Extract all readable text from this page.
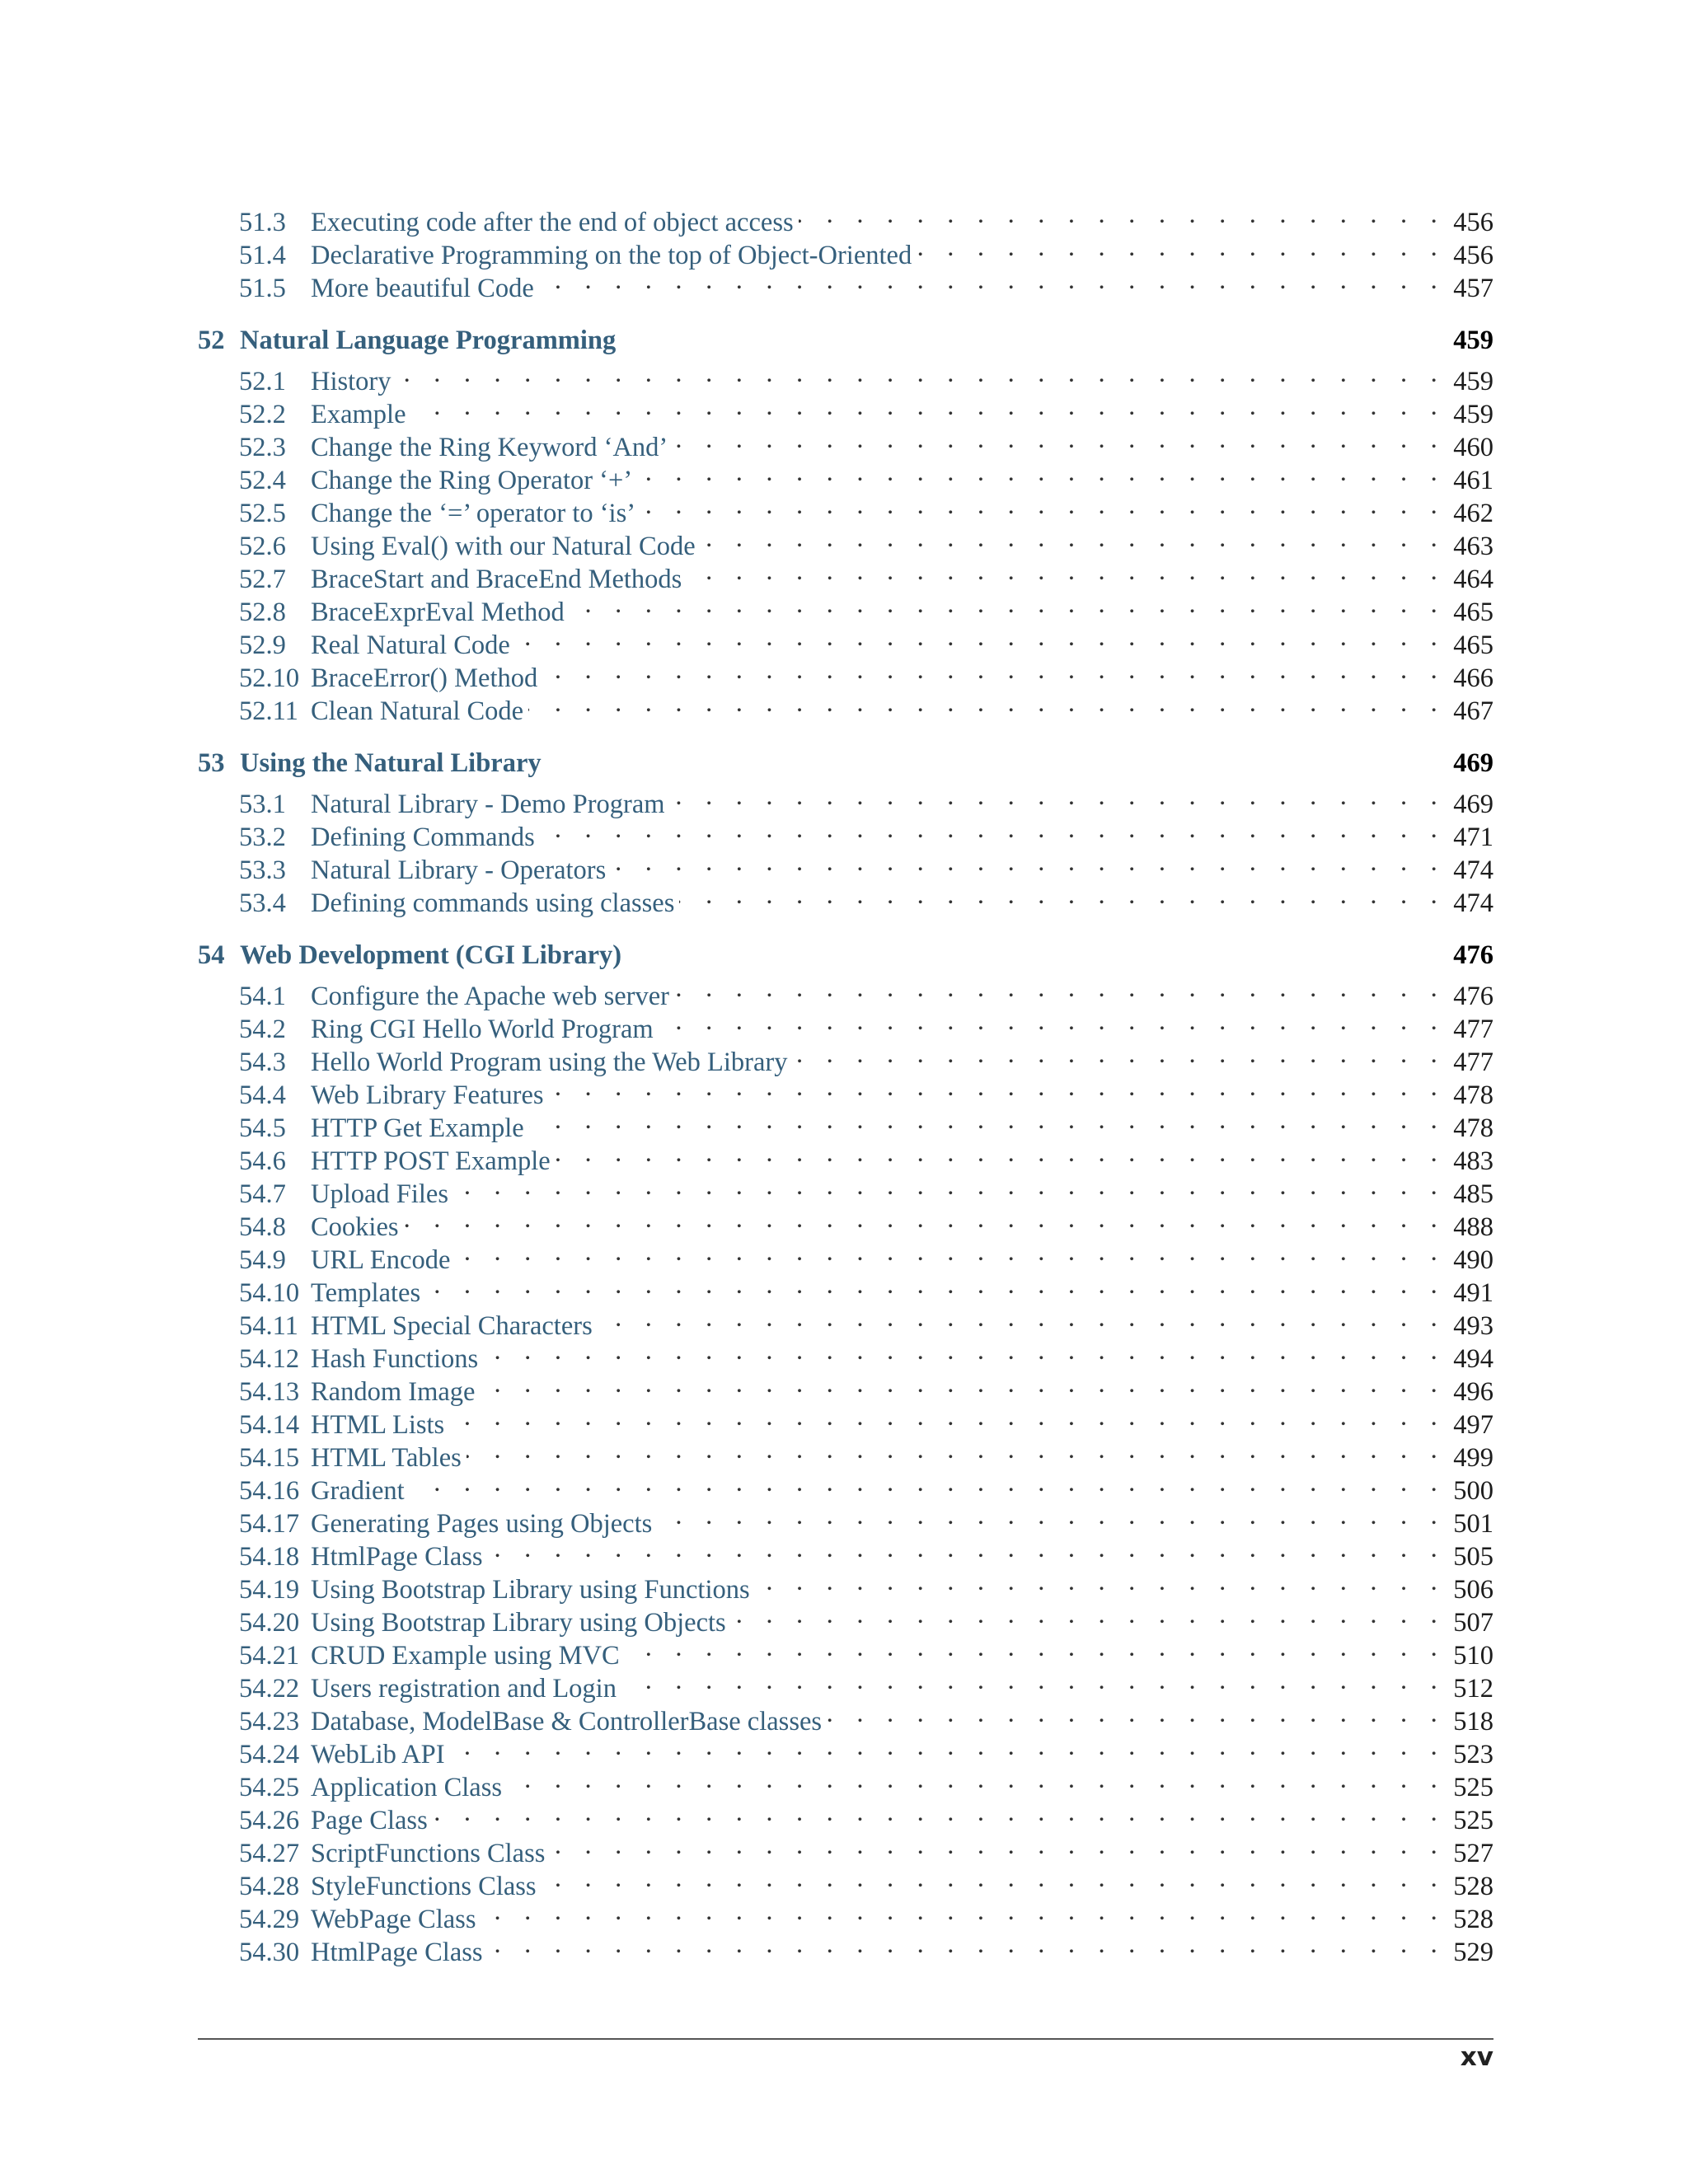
51.3 Executing code after the end of object access . . .	456
51.4 Declarative Programming on the top of Object-Oriented . . .	456
51.5 More beautiful Code . . .	457
52 Natural Language Programming	459
52.1 History . . .	459
52.2 Example . . .	459
52.3 Change the Ring Keyword ‘And’ . . .	460
52.4 Change the Ring Operator ‘+’ . . .	461
52.5 Change the ‘=’ operator to ‘is’ . . .	462
52.6 Using Eval() with our Natural Code . . .	463
52.7 BraceStart and BraceEnd Methods . . .	464
52.8 BraceExprEval Method . . .	465
52.9 Real Natural Code . . .	465
52.10 BraceError() Method . . .	466
52.11 Clean Natural Code . . .	467
53 Using the Natural Library	469
53.1 Natural Library - Demo Program . . .	469
53.2 Defining Commands . . .	471
53.3 Natural Library - Operators . . .	474
53.4 Defining commands using classes . . .	474
54 Web Development (CGI Library)	476
54.1 Configure the Apache web server . . .	476
54.2 Ring CGI Hello World Program . . .	477
54.3 Hello World Program using the Web Library . . .	477
54.4 Web Library Features . . .	478
54.5 HTTP Get Example . . .	478
54.6 HTTP POST Example . . .	483
54.7 Upload Files . . .	485
54.8 Cookies . . .	488
54.9 URL Encode . . .	490
54.10 Templates . . .	491
54.11 HTML Special Characters . . .	493
54.12 Hash Functions . . .	494
54.13 Random Image . . .	496
54.14 HTML Lists . . .	497
54.15 HTML Tables . . .	499
54.16 Gradient . . .	500
54.17 Generating Pages using Objects . . .	501
54.18 HtmlPage Class . . .	505
54.19 Using Bootstrap Library using Functions . . .	506
54.20 Using Bootstrap Library using Objects . . .	507
54.21 CRUD Example using MVC . . .	510
54.22 Users registration and Login . . .	512
54.23 Database, ModelBase & ControllerBase classes . . .	518
54.24 WebLib API . . .	523
54.25 Application Class . . .	525
54.26 Page Class . . .	525
54.27 ScriptFunctions Class . . .	527
54.28 StyleFunctions Class . . .	528
54.29 WebPage Class . . .	528
54.30 HtmlPage Class . . .	529
xv
